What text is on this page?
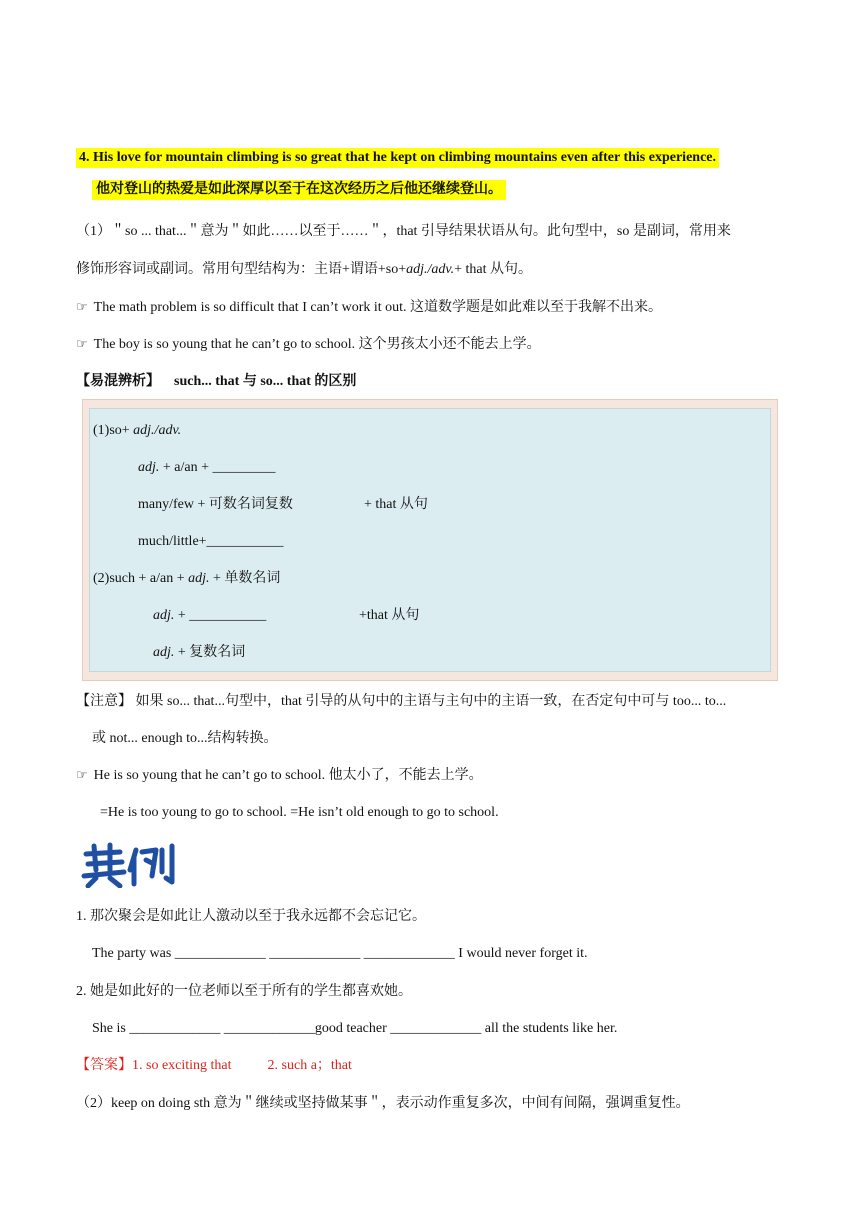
4. His love for mountain climbing is so great that he kept on climbing mountains even after this experience.
他对登山的热爱是如此深厚以至于在这次经历之后他还继续登山。
（1）＂so ... that...＂意为＂如此……以至于……＂，that 引导结果状语从句。此句型中，so 是副词，常用来
修饰形容词或副词。常用句型结构为：主语+谓语+so+adj./adv.+ that 从句。
☞ The math problem is so difficult that I can’t work it out. 这道数学题是如此难以至于我解不出来。
☞ The boy is so young that he can’t go to school. 这个男孩太小还不能去上学。
【易混辨析】 such... that 与 so... that 的区别
(1)so+ adj./adv.
adj. + a/an + _________
many/few + 可数名词复数	+ that 从句
much/little+___________
(2)such + a/an + adj. + 单数名词
adj. + ___________	+that 从句
adj. + 复数名词
【注意】 如果 so... that...句型中，that 引导的从句中的主语与主句中的主语一致，在否定句中可与 too... to...
或 not... enough to...结构转换。
☞ He is so young that he can’t go to school. 他太小了，不能去上学。
=He is too young to go to school. =He isn’t old enough to go to school.
1. 那次聚会是如此让人激动以至于我永远都不会忘记它。
The party was _____________ _____________ _____________ I would never forget it.
2. 她是如此好的一位老师以至于所有的学生都喜欢她。
She is _____________ _____________good teacher _____________ all the students like her.
【答案】1. so exciting that	2. such a；that
（2）keep on doing sth 意为＂继续或坚持做某事＂，表示动作重复多次，中间有间隔，强调重复性。
